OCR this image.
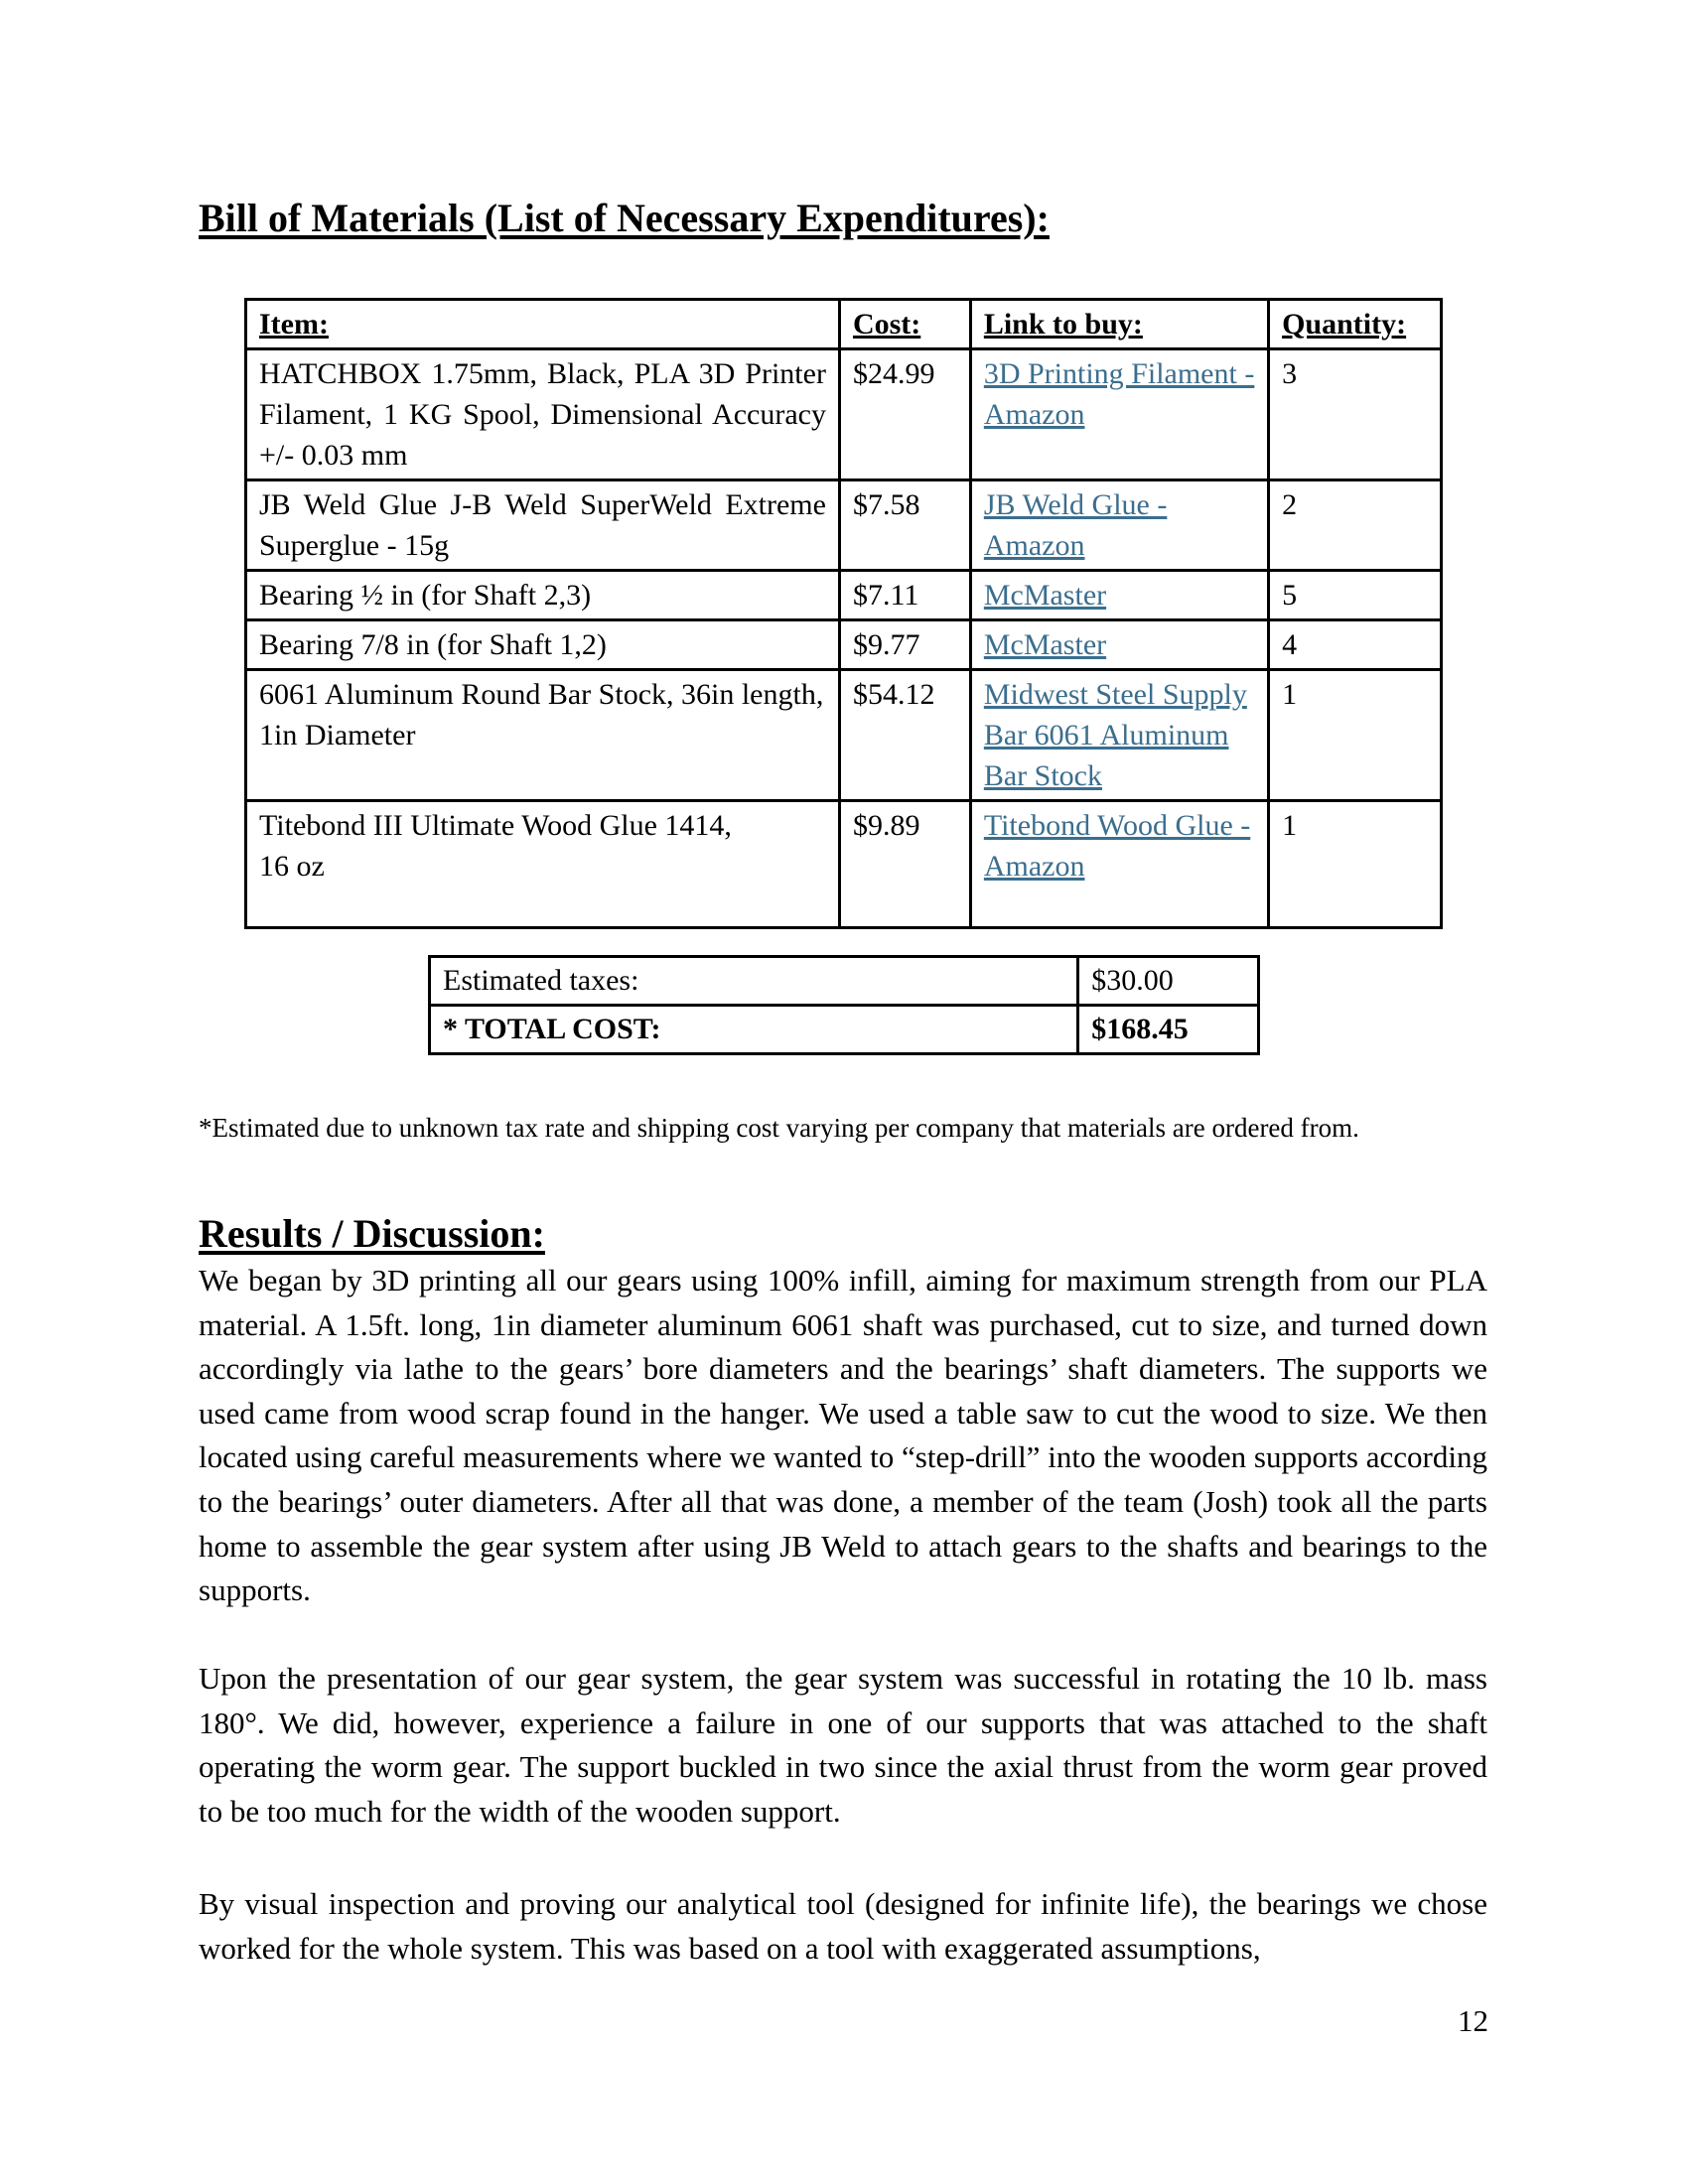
Bill of Materials (List of Necessary Expenditures):
Item:	Cost:	Link to buy:	Quantity:
HATCHBOX 1.75mm, Black, PLA 3D Printer Filament, 1 KG Spool, Dimensional Accuracy +/- 0.03 mm	$24.99	3D Printing Filament - Amazon	3
JB Weld Glue J-B Weld SuperWeld Extreme Superglue - 15g	$7.58	JB Weld Glue - Amazon	2
Bearing ½ in (for Shaft 2,3)	$7.11	McMaster	5
Bearing 7/8 in (for Shaft 1,2)	$9.77	McMaster	4
6061 Aluminum Round Bar Stock, 36in length, 1in Diameter	$54.12	Midwest Steel Supply Bar 6061 Aluminum Bar Stock	1
Titebond III Ultimate Wood Glue 1414, 16 oz	$9.89	Titebond Wood Glue - Amazon	1
Estimated taxes:	$30.00
* TOTAL COST:	$168.45
*Estimated due to unknown tax rate and shipping cost varying per company that materials are ordered from.
Results / Discussion:

We began by 3D printing all our gears using 100% infill, aiming for maximum strength from our PLA material. A 1.5ft. long, 1in diameter aluminum 6061 shaft was purchased, cut to size, and turned down accordingly via lathe to the gears’ bore diameters and the bearings’ shaft diameters. The supports we used came from wood scrap found in the hanger. We used a table saw to cut the wood to size. We then located using careful measurements where we wanted to “step-drill” into the wooden supports according to the bearings’ outer diameters. After all that was done, a member of the team (Josh) took all the parts home to assemble the gear system after using JB Weld to attach gears to the shafts and bearings to the supports.

Upon the presentation of our gear system, the gear system was successful in rotating the 10 lb. mass 180°. We did, however, experience a failure in one of our supports that was attached to the shaft operating the worm gear. The support buckled in two since the axial thrust from the worm gear proved to be too much for the width of the wooden support.

By visual inspection and proving our analytical tool (designed for infinite life), the bearings we chose worked for the whole system. This was based on a tool with exaggerated assumptions,

12
